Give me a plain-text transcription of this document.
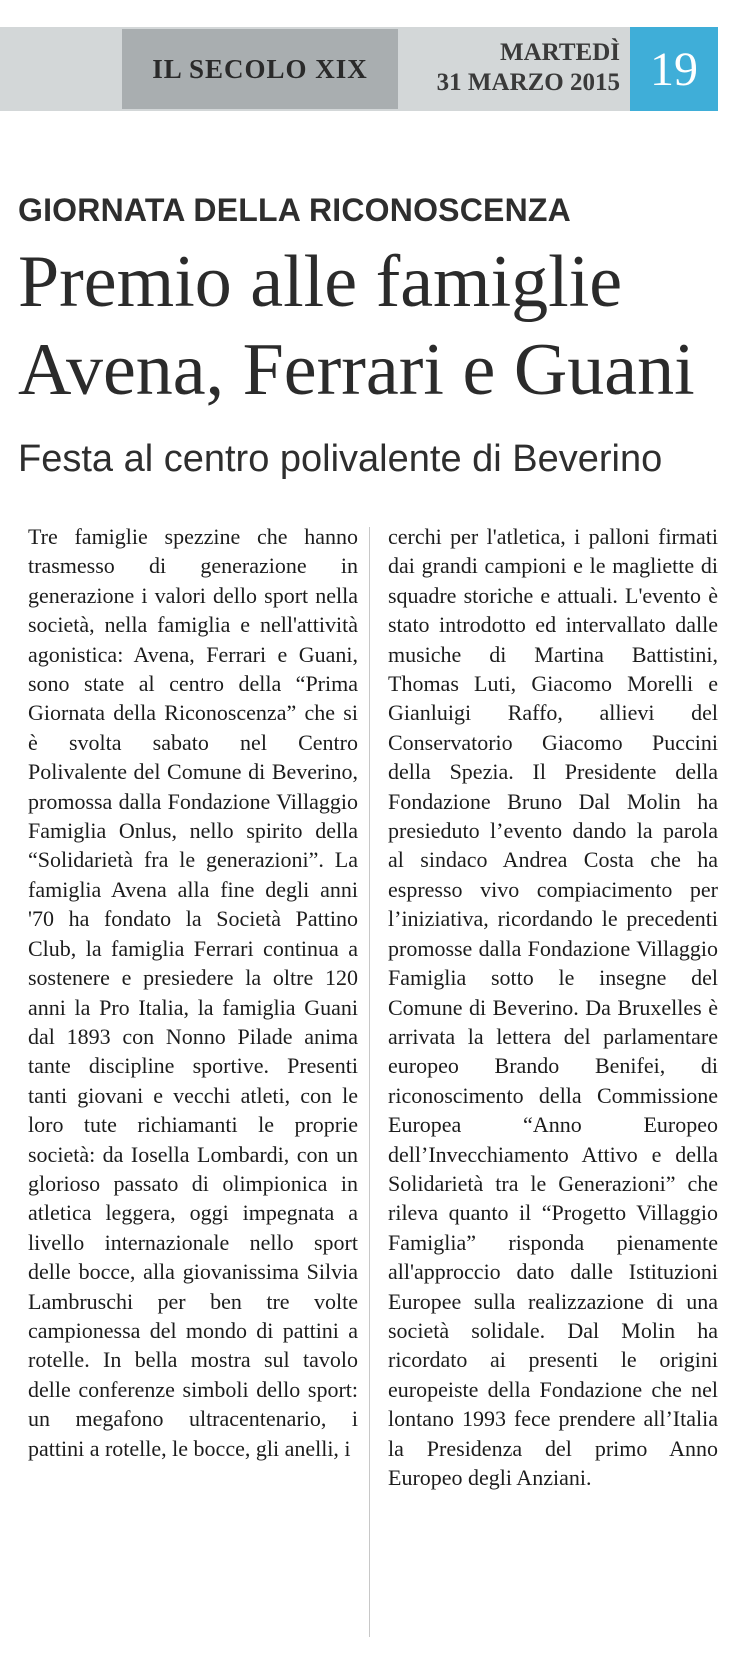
IL SECOLO XIX
MARTEDÌ
31 MARZO 2015 19
GIORNATA DELLA RICONOSCENZA
Premio alle famiglie
Avena, Ferrari e Guani
Festa al centro polivalente di Beverino
Tre famiglie spezzine che hanno trasmesso di generazione in generazione i valori dello sport nella società, nella famiglia e nell'attività agonistica: Avena, Ferrari e Guani, sono state al centro della “Prima Giornata della Riconoscenza” che si è svolta sabato nel Centro Polivalente del Comune di Beverino, promossa dalla Fondazione Villaggio Famiglia Onlus, nello spirito della “Solidarietà fra le generazioni”. La famiglia Avena alla fine degli anni '70 ha fondato la Società Pattino Club, la famiglia Ferrari continua a sostenere e presiedere la oltre 120 anni la Pro Italia, la famiglia Guani dal 1893 con Nonno Pilade anima tante discipline sportive. Presenti tanti giovani e vecchi atleti, con le loro tute richiamanti le proprie società: da Iosella Lombardi, con un glorioso passato di olimpionica in atletica leggera, oggi impegnata a livello internazionale nello sport delle bocce, alla giovanissima Silvia Lambruschi per ben tre volte campionessa del mondo di pattini a rotelle. In bella mostra sul tavolo delle conferenze simboli dello sport: un megafono ultracentenario, i pattini a rotelle, le bocce, gli anelli, i
cerchi per l'atletica, i palloni firmati dai grandi campioni e le magliette di squadre storiche e attuali. L'evento è stato introdotto ed intervallato dalle musiche di Martina Battistini, Thomas Luti, Giacomo Morelli e Gianluigi Raffo, allievi del Conservatorio Giacomo Puccini della Spezia. Il Presidente della Fondazione Bruno Dal Molin ha presieduto l’evento dando la parola al sindaco Andrea Costa che ha espresso vivo compiacimento per l’iniziativa, ricordando le precedenti promosse dalla Fondazione Villaggio Famiglia sotto le insegne del Comune di Beverino. Da Bruxelles è arrivata la lettera del parlamentare europeo Brando Benifei, di riconoscimento della Commissione Europea “Anno Europeo dell’Invecchiamento Attivo e della Solidarietà tra le Generazioni” che rileva quanto il “Progetto Villaggio Famiglia” risponda pienamente all'approccio dato dalle Istituzioni Europee sulla realizzazione di una società solidale. Dal Molin ha ricordato ai presenti le origini europeiste della Fondazione che nel lontano 1993 fece prendere all’Italia la Presidenza del primo Anno Europeo degli Anziani.
